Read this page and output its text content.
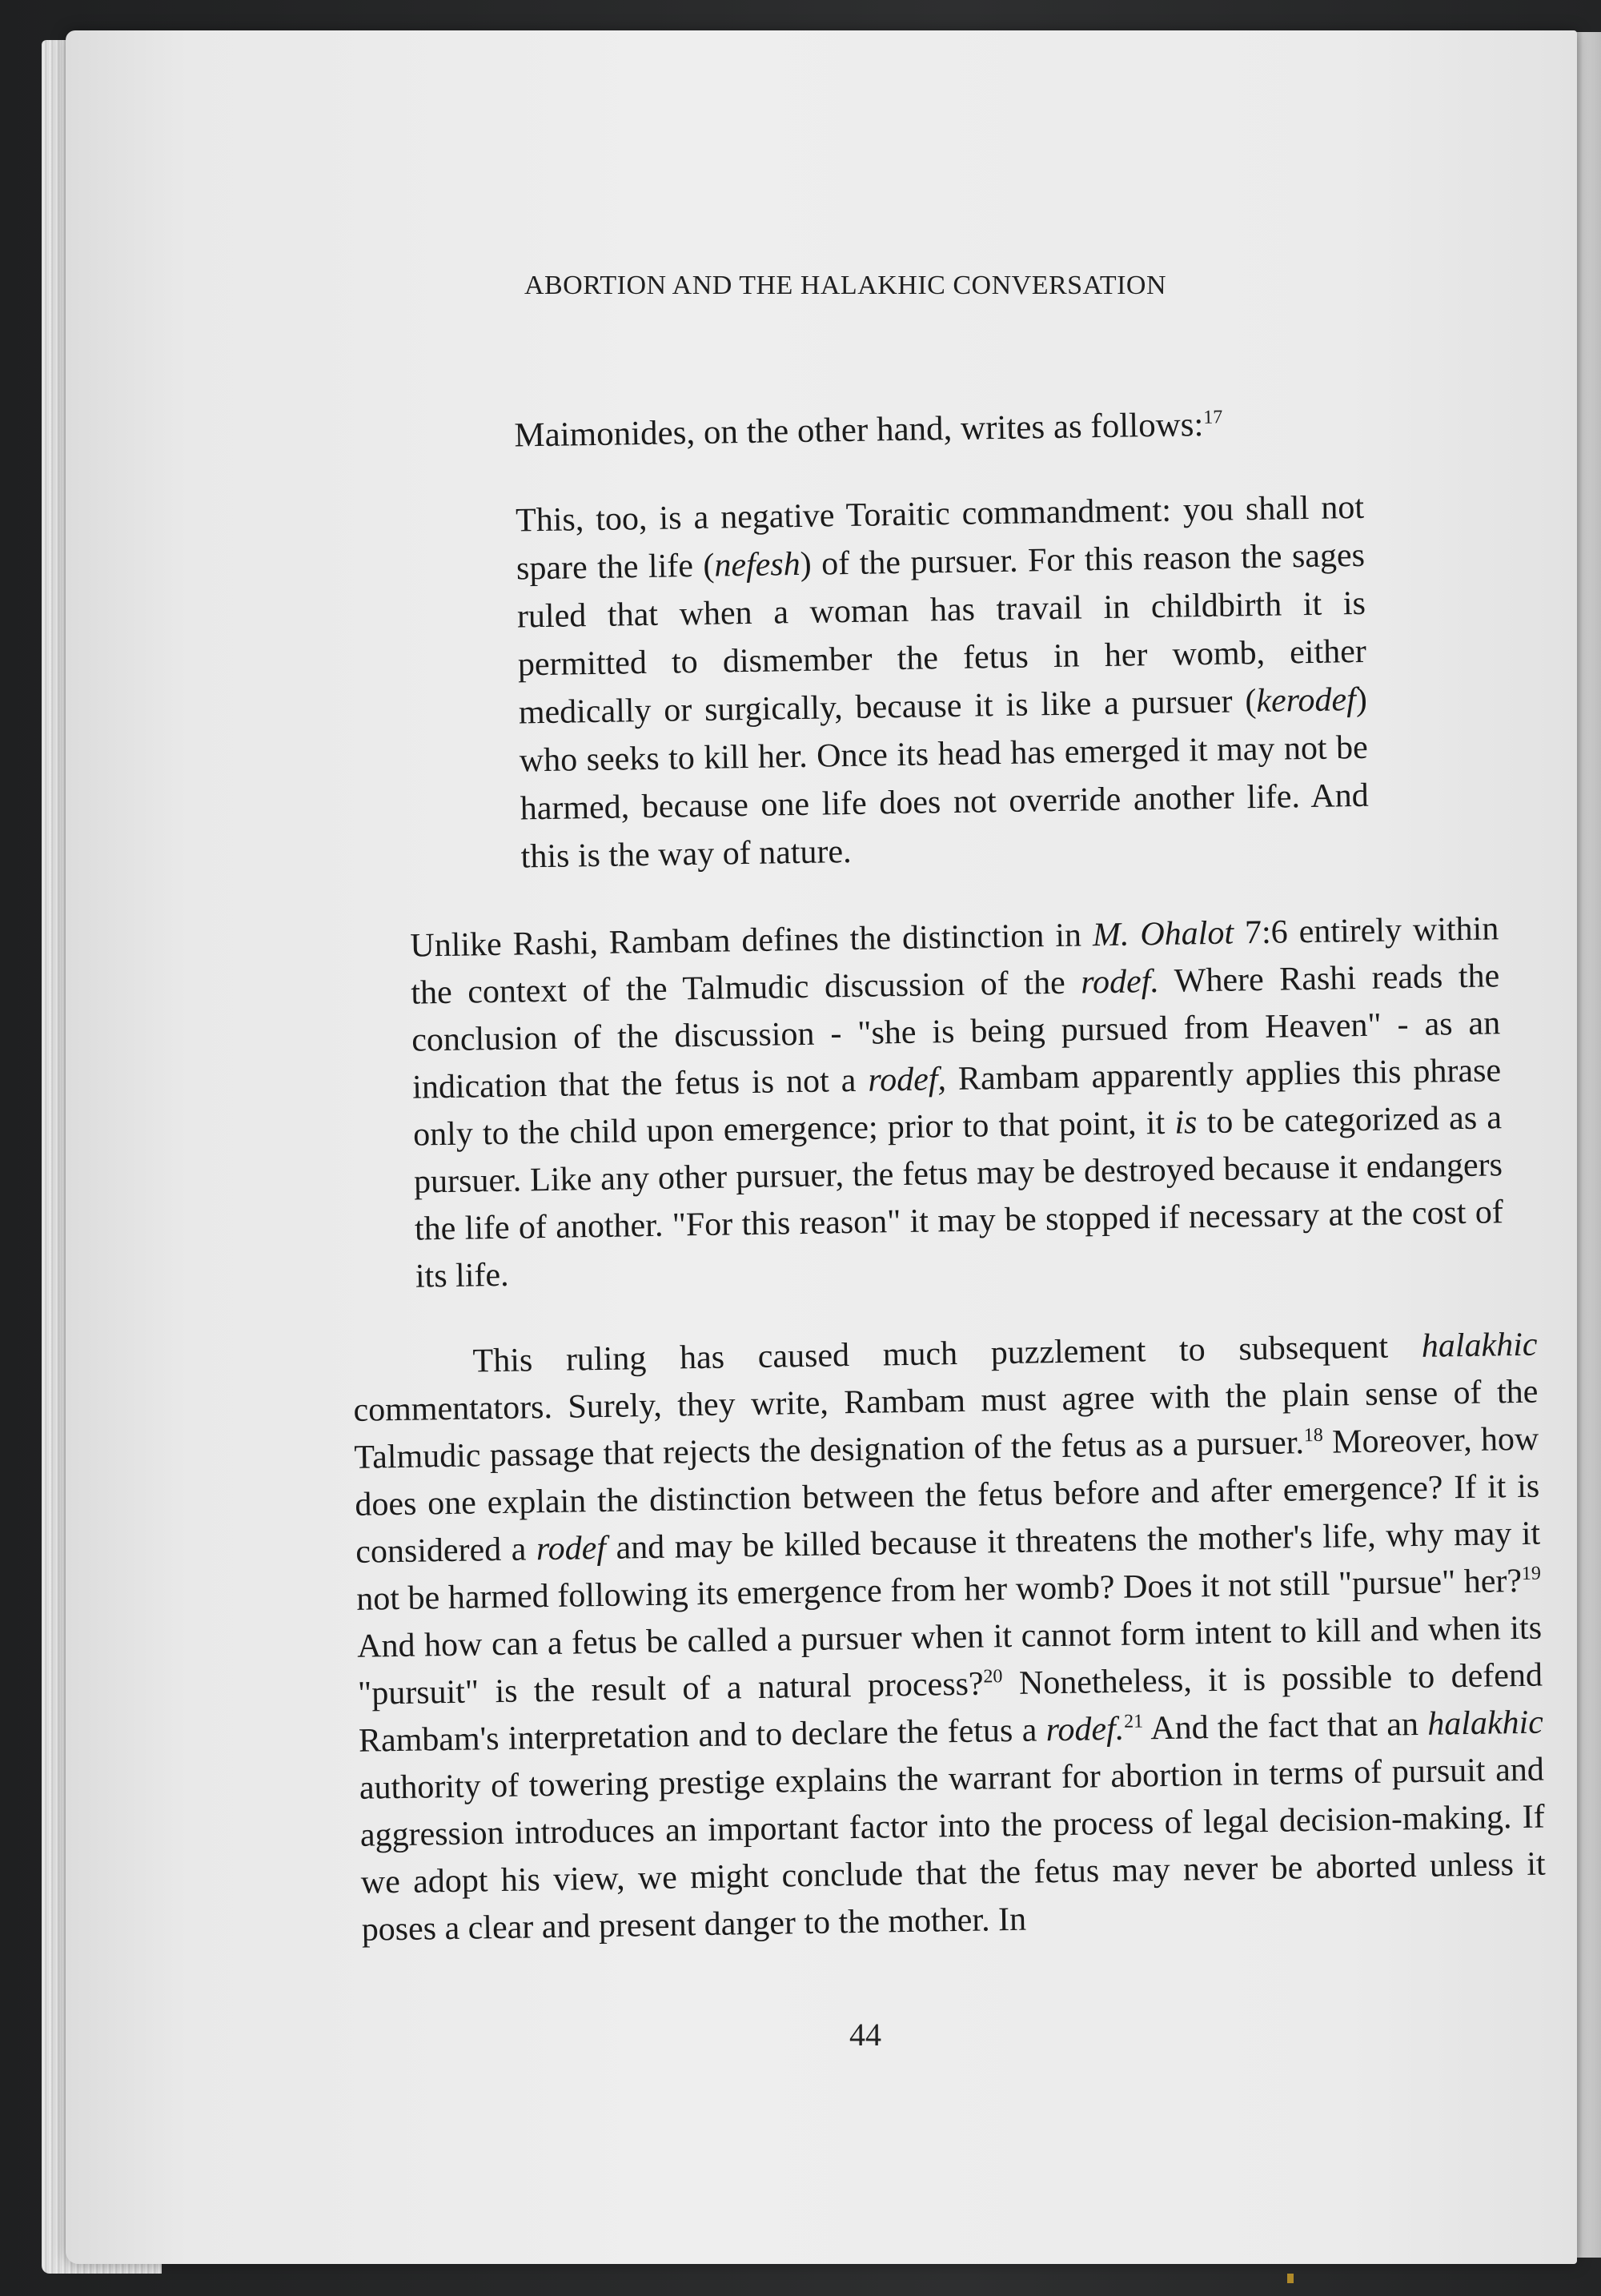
ABORTION AND THE HALAKHIC CONVERSATION

Maimonides, on the other hand, writes as follows:$^{17}$

This, too, is a negative Toraitic commandment: you shall not spare the life (nefesh) of the pursuer. For this reason the sages ruled that when a woman has travail in childbirth it is permitted to dismember the fetus in her womb, either medically or surgically, because it is like a pursuer (kerodef) who seeks to kill her. Once its head has emerged it may not be harmed, because one life does not override another life. And this is the way of nature.

Unlike Rashi, Rambam defines the distinction in M. Ohalot 7:6 entirely within the context of the Talmudic discussion of the rodef. Where Rashi reads the conclusion of the discussion - "she is being pursued from Heaven" - as an indication that the fetus is not a rodef, Rambam apparently applies this phrase only to the child upon emergence; prior to that point, it is to be categorized as a pursuer. Like any other pursuer, the fetus may be destroyed because it endangers the life of another. "For this reason" it may be stopped if necessary at the cost of its life.

This ruling has caused much puzzlement to subsequent halakhic commentators. Surely, they write, Rambam must agree with the plain sense of the Talmudic passage that rejects the designation of the fetus as a pursuer.$^{18}$ Moreover, how does one explain the distinction between the fetus before and after emergence? If it is considered a rodef and may be killed because it threatens the mother's life, why may it not be harmed following its emergence from her womb? Does it not still "pursue" her?$^{19}$ And how can a fetus be called a pursuer when it cannot form intent to kill and when its "pursuit" is the result of a natural process?$^{20}$ Nonetheless, it is possible to defend Rambam's interpretation and to declare the fetus a rodef.$^{21}$ And the fact that an halakhic authority of towering prestige explains the warrant for abortion in terms of pursuit and aggression introduces an important factor into the process of legal decision-making. If we adopt his view, we might conclude that the fetus may never be aborted unless it poses a clear and present danger to the mother. In

44
